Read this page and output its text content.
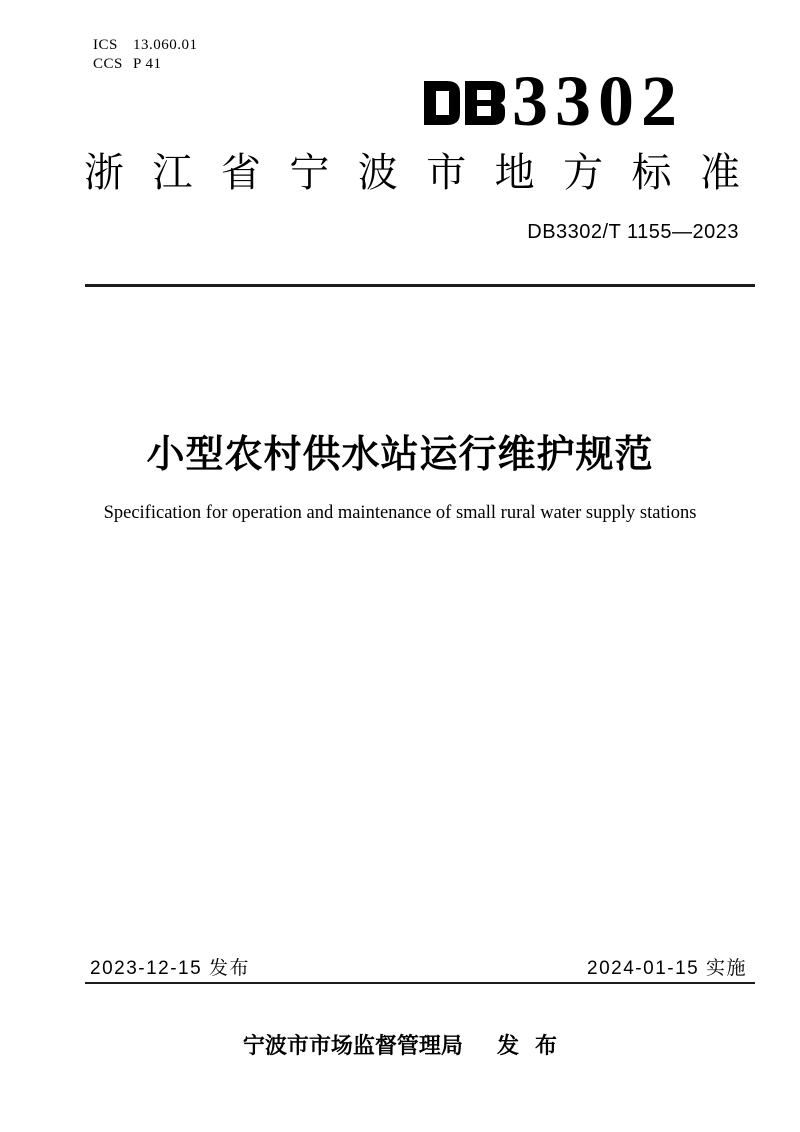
ICS 13.060.01
CCS P 41	3302
浙 江 省 宁 波 市 地 方 标 准
DB3302/T 1155—2023
小型农村供水站运行维护规范
Specification for operation and maintenance of small rural water supply stations
2023-12-15 发布	2024-01-15 实施
宁波市市场监督管理局 发 布
